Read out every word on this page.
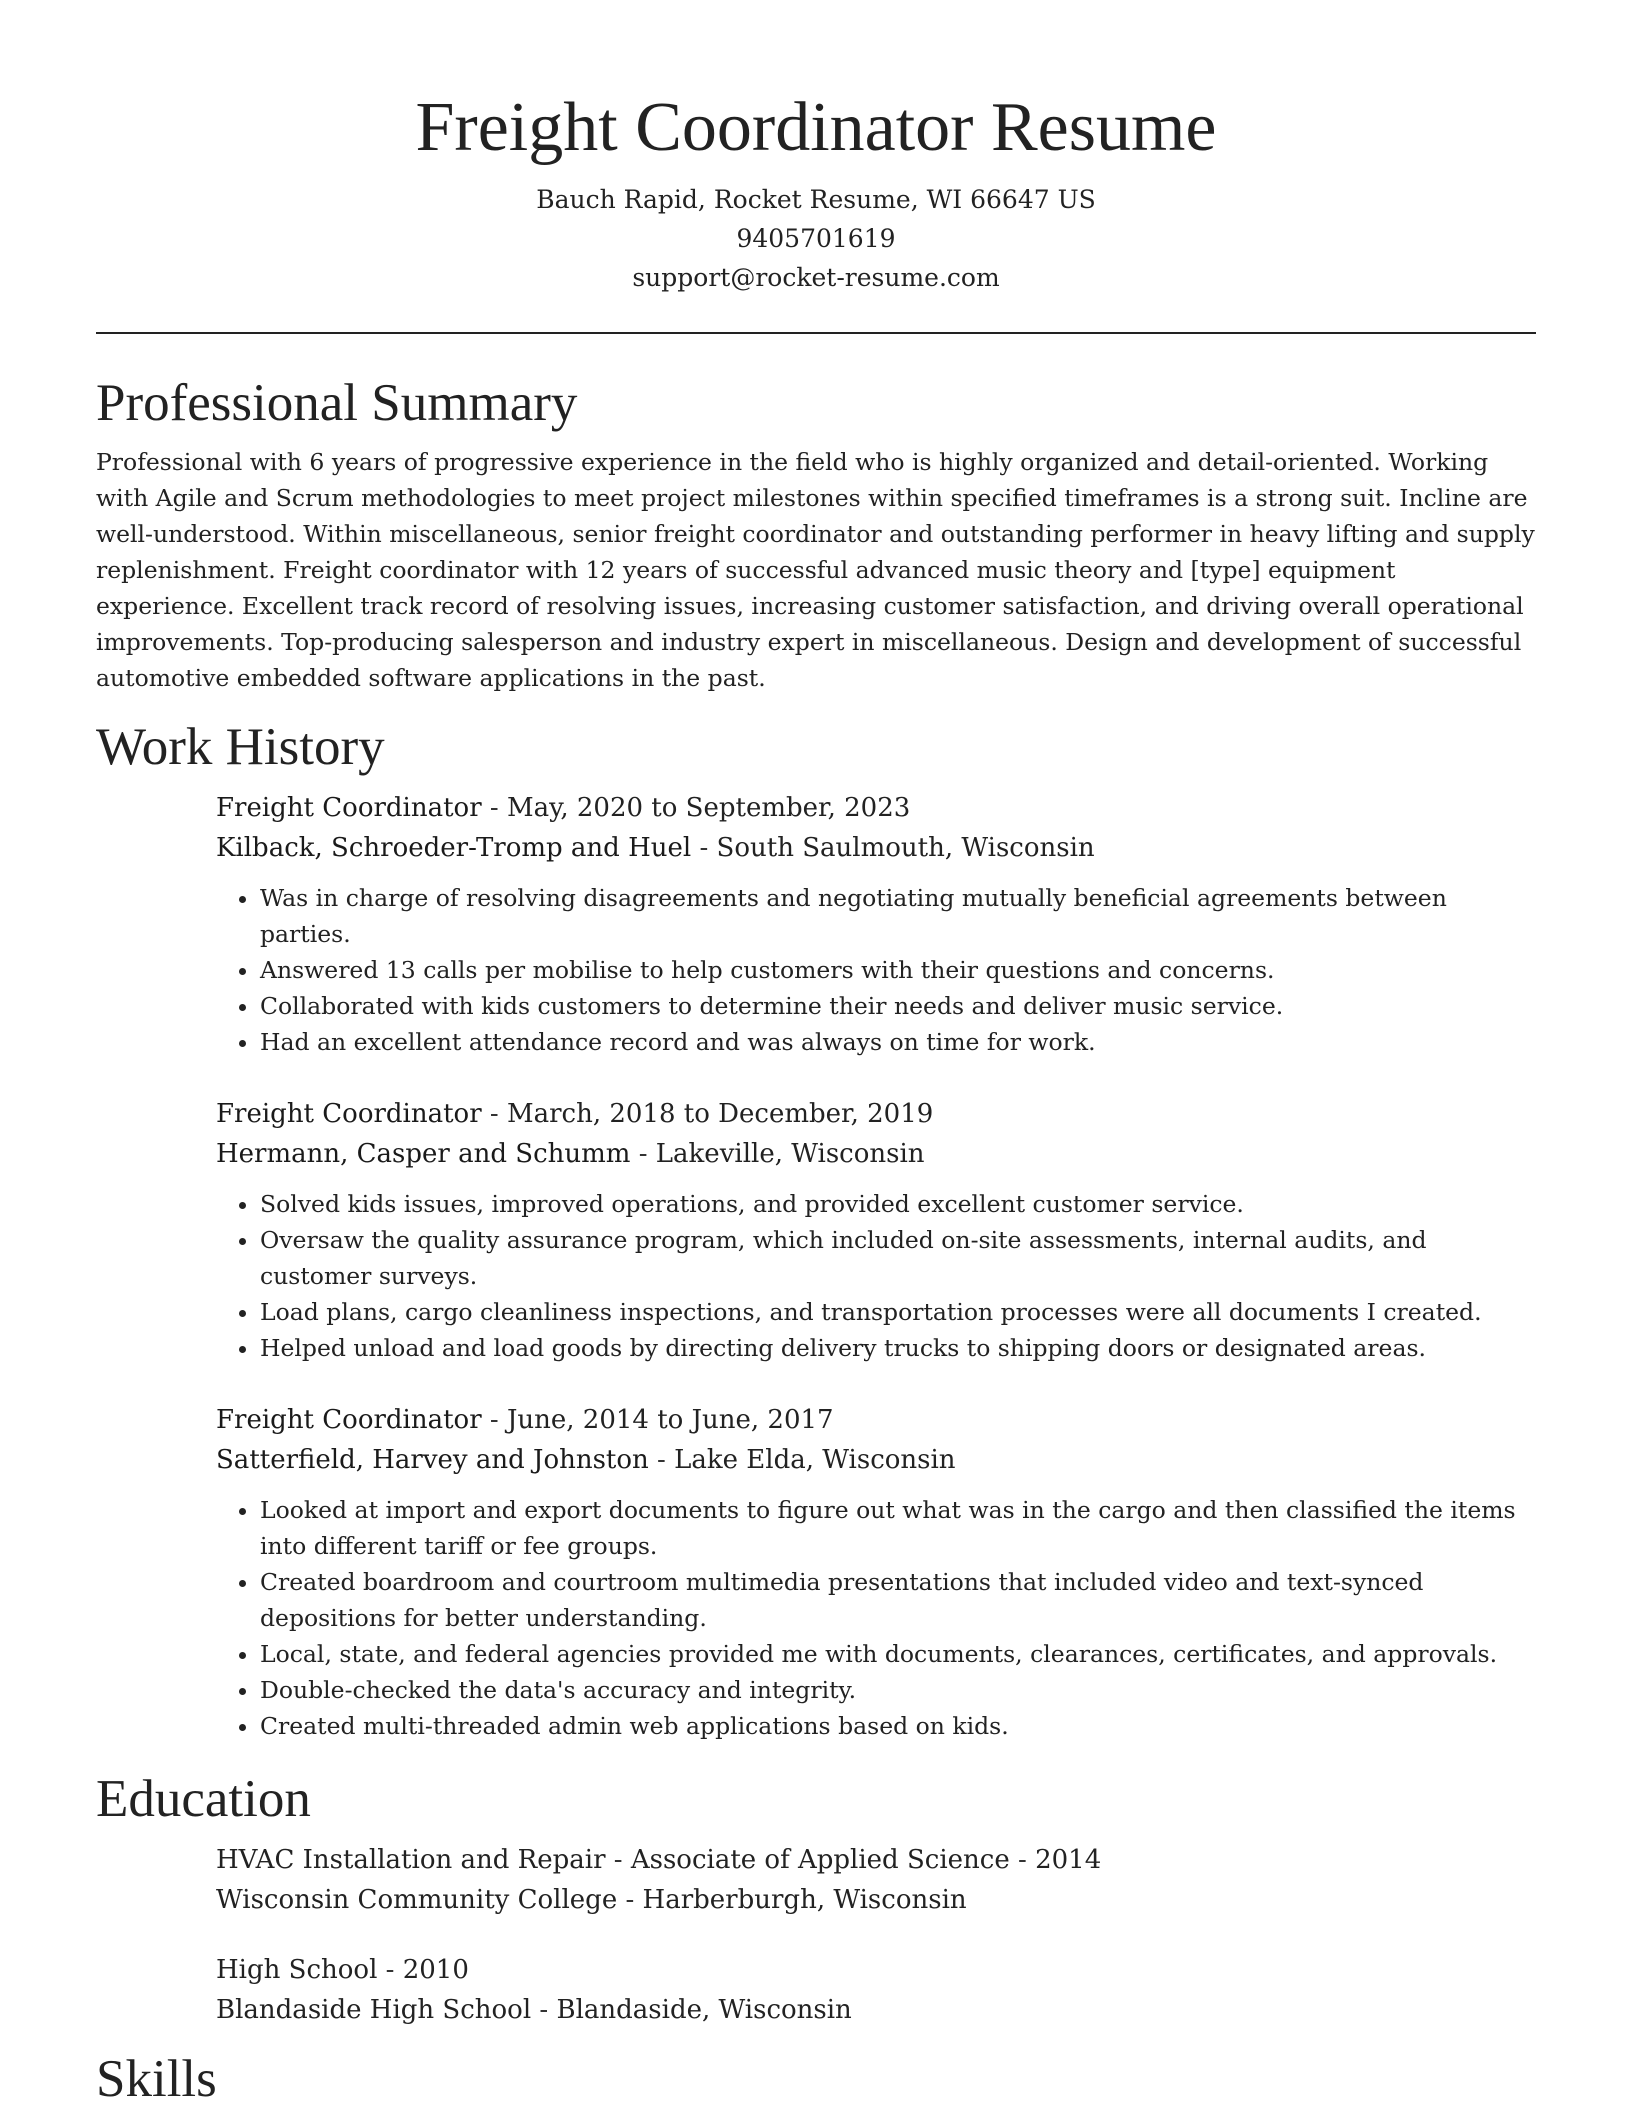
Freight Coordinator Resume
Bauch Rapid, Rocket Resume, WI 66647 US
9405701619
support@rocket-resume.com
Professional Summary

Professional with 6 years of progressive experience in the field who is highly organized and detail-oriented. Working with Agile and Scrum methodologies to meet project milestones within specified timeframes is a strong suit. Incline are well-understood. Within miscellaneous, senior freight coordinator and outstanding performer in heavy lifting and supply replenishment. Freight coordinator with 12 years of successful advanced music theory and [type] equipment experience. Excellent track record of resolving issues, increasing customer satisfaction, and driving overall operational improvements. Top-producing salesperson and industry expert in miscellaneous. Design and development of successful automotive embedded software applications in the past.

Work History
Freight Coordinator - May, 2020 to September, 2023
Kilback, Schroeder-Tromp and Huel - South Saulmouth, Wisconsin
• Was in charge of resolving disagreements and negotiating mutually beneficial agreements between parties.
• Answered 13 calls per mobilise to help customers with their questions and concerns.
• Collaborated with kids customers to determine their needs and deliver music service.
• Had an excellent attendance record and was always on time for work.
Freight Coordinator - March, 2018 to December, 2019
Hermann, Casper and Schumm - Lakeville, Wisconsin
• Solved kids issues, improved operations, and provided excellent customer service.
• Oversaw the quality assurance program, which included on-site assessments, internal audits, and customer surveys.
• Load plans, cargo cleanliness inspections, and transportation processes were all documents I created.
• Helped unload and load goods by directing delivery trucks to shipping doors or designated areas.
Freight Coordinator - June, 2014 to June, 2017
Satterfield, Harvey and Johnston - Lake Elda, Wisconsin
• Looked at import and export documents to figure out what was in the cargo and then classified the items into different tariff or fee groups.
• Created boardroom and courtroom multimedia presentations that included video and text-synced depositions for better understanding.
• Local, state, and federal agencies provided me with documents, clearances, certificates, and approvals.
• Double-checked the data's accuracy and integrity.
• Created multi-threaded admin web applications based on kids.
Education
HVAC Installation and Repair - Associate of Applied Science - 2014
Wisconsin Community College - Harberburgh, Wisconsin
High School - 2010
Blandaside High School - Blandaside, Wisconsin
Skills
